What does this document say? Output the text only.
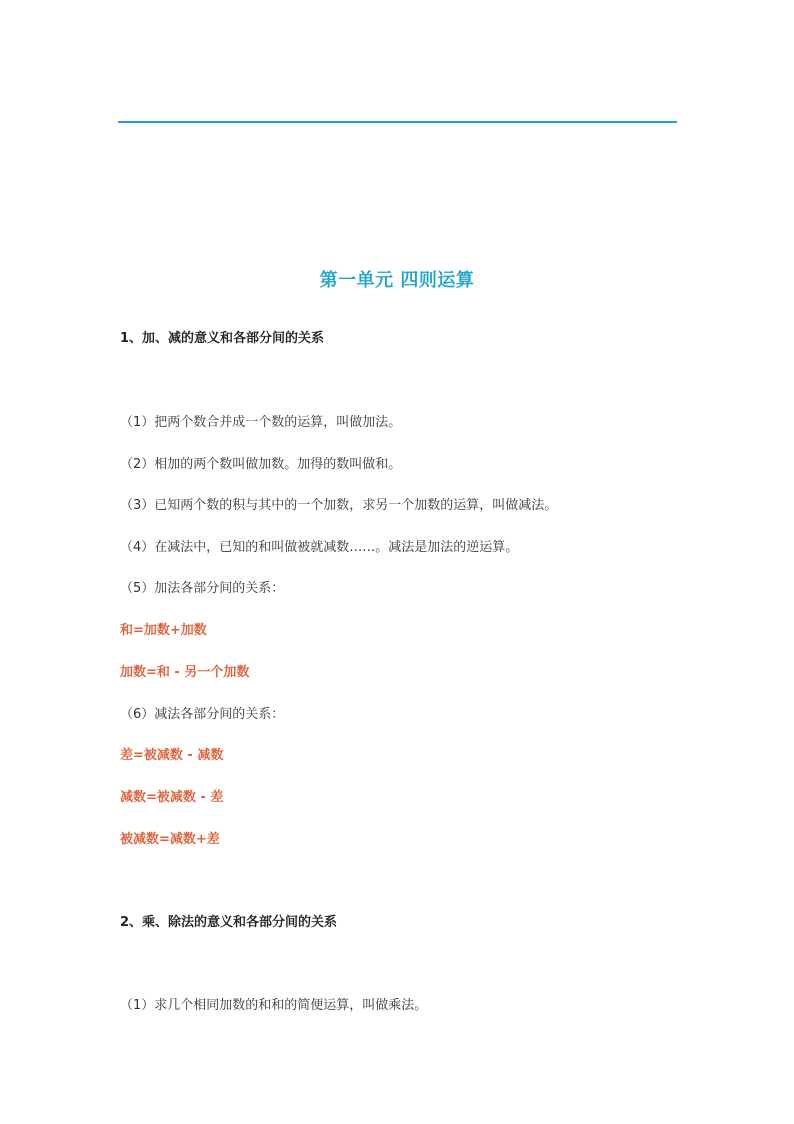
第一单元 四则运算
1、加、减的意义和各部分间的关系
（1）把两个数合并成一个数的运算，叫做加法。
（2）相加的两个数叫做加数。加得的数叫做和。
（3）已知两个数的积与其中的一个加数，求另一个加数的运算，叫做减法。
（4）在减法中，已知的和叫做被就减数……。减法是加法的逆运算。
（5）加法各部分间的关系：
和=加数+加数
加数=和 - 另一个加数
（6）减法各部分间的关系：
差=被减数 - 减数
减数=被减数 - 差
被减数=减数+差
2、乘、除法的意义和各部分间的关系
（1）求几个相同加数的和和的简便运算，叫做乘法。
